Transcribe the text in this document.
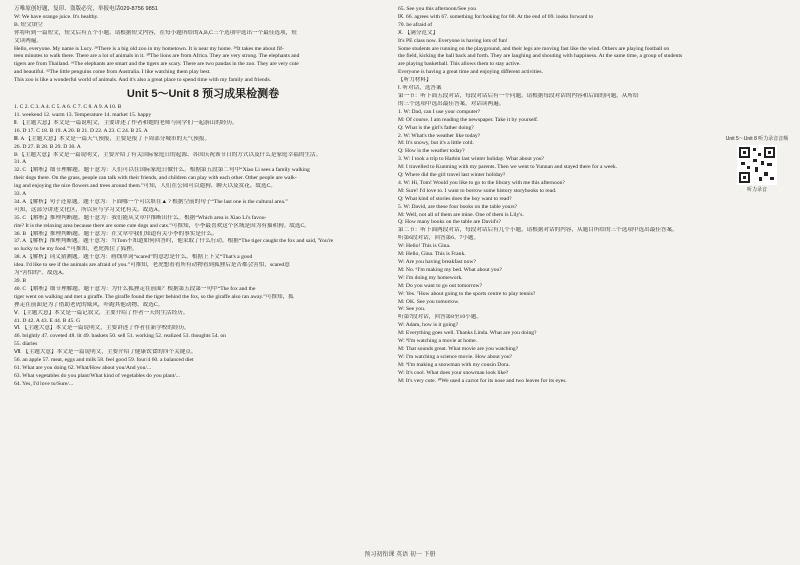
万唯原创好题，复印、盗版必究，举报电话029-8756 9851
W: We have orange juice. It's healthy.
B. 短文填空
你将听到一篇短文，短文后有五个小题。请根据短文内容，在每小题所给的A,B,C三个选项中选出一个最佳选项，短
文读两遍。
Hello, everyone. My name is Lucy. ²⁸There is a big old zoo in my hometown. It is near my home. ²⁹It takes me about fif-
teen minutes to walk there. There are a lot of animals in it. ³⁰The lions are from Africa. They are very strong. The elephants and
tigers are from Thailand. ³¹The elephants are smart and the tigers are scary. There are two pandas in the zoo. They are very cute
and beautiful. ³²The little penguins come from Australia. I like watching them play best.
This zoo is like a wonderful world of animals. And it's also a great place to spend time with my family and friends.
Unit 5～Unit 8 预习成果检测卷
1. C 2. C 3. A 4. C 5. A 6. C 7. C 8. A 9. A 10. B
11. weekend 12. warm 13. Temperature 14. market 15. happy
Ⅱ. 【主题大意】本文是一篇说明文，主要讲述了作者和她的老师与同学们一起游山的经历。
16. D 17. C 18. B 19. A 20. B 21. D 22. A 23. C 24. B 25. A
Ⅲ. A 【主题大意】本文是一篇天气预报，主要是报了下周部分城市的天气预报。
26. D 27. B 28. B 29. D 30. A
B 【主题大意】本文是一篇说明文，主要介绍了有关国际家庭日的起源、各国庆祝该节日的方式以及什么是家庭幸福的生活。
31. A
32. C 【解析】细节理解题。题干意为：人们可以在国际家庭日做什么。根据第五段第二句中“Xiao Li sees a family walking
their dogs there. On the grass, people can talk with their friends, and children can play with each other. Other people are walk-
ing and enjoying the nice flowers and trees around them.”可知，人们在公园可以遛狗、聊天以及赏花。故选C。
33. A
34. A 【解析】句子还原题。题干意为：下面哪一个可以填在▲ ? 根据空前的句子“The last one is the cultural area.”
可知，这部分讲述文化区，所以应与学习文化有关。故选A。
35. C 【解析】推理判断题。题干意为：我们能从文章中推断出什么。根据“Which area is Xiao Li's favou-
rite? It is the relaxing area because there are some cute dogs and cats.”可推知，小李最喜欢这个区域是因为有猫和狗。故选C。
36. B 【解析】推理判断题。题干意为：在文章中我们知道有关小李的事实是什么。
37. A 【解析】推理判断题。题干意为：当Tom不知道如何回答时，他采取了什么行动。根据“The tiger caught the fox and said, 'You're
so lucky to be my food.'”可推知，老虎抓住了狐狸。
38. A 【解析】词义猜测题。题干意为：画线单词“scared”的意思是什么。根据上下文“That's a good
idea. I'd like to see if the animals are afraid of you.”可推知，老虎想看看所有动物看到狐狸后是否都会害怕，scared意
为“害怕的”。故选A。
39. B
40. C 【解析】细节理解题。题干意为：为什么狐狸走在前面？根据第五段第一句中“The fox and the
tiger went on walking and met a giraffe. The giraffe found the tiger behind the fox, so the giraffe also ran away.”可推知，狐
狸走在前面是为了借助老虎的威风，吓跑其他动物。故选C。
Ⅴ. 【主题大意】本文是一篇记叙文，主要介绍了作者一天的生活经历。
41. D 42. A 43. E 44. B 45. G
Ⅵ. 【主题大意】本文是一篇说明文，主要讲述了作者在新学校的经历。
46. brightly 47. coveted 48. lit 49. baskets 50. sell 51. working 52. realized 53. thoughts 54. on
55. diaries
Ⅶ. 【主题大意】本文是一篇说明文，主要介绍了健康饮食的四个关键点。
56. an apple 57. meat, eggs and milk 58. feel good 59. four/4 60. a balanced diet
61. What are you doing 62. What/How about you/And you/...
63. What vegetables do you plant/What kind of vegetables do you plant/...
64. Yes, I'd love to/Sure/...
65. See you this afternoon/See you
Ⅸ. 66. agrees with 67. something for/looking for 68. At the end of 69. looks forward to
70. be afraid of
Ⅹ. 【满分范文】
It's PE class now. Everyone is having lots of fun!
Some students are running on the playground, and their legs are moving fast like the wind. Others are playing football on
the field, kicking the ball back and forth. They are laughing and shouting with happiness. At the same time, a group of students
are playing basketball. This allows them to stay active.
Everyone is having a great time and enjoying different activities.
【听力材料】
Ⅰ. 听对话，选答案
第一节：听下面五段对话，每段对话后有一个问题。请根据每段对话的内容和后面的问题，从所给
的三个选项中选出最佳答案。对话读两遍。
1. W: Dad, can I use your computer?
M: Of course. I am reading the newspaper. Take it by yourself.
Q: What is the girl's father doing?
2. W: What's the weather like today?
M: It's snowy, but it's a little cold.
Q: How is the weather today?
3. W: I took a trip to Harbin last winter holiday. What about you?
M: I travelled to Kunming with my parents. Then we went to Yunnan and stayed there for a week.
Q: Where did the girl travel last winter holiday?
4. W: Hi, Tom! Would you like to go to the library with me this afternoon?
M: Sure! I'd love to. I want to borrow some history storybooks to read.
Q: What kind of stories does the boy want to read?
5. W: David, are these four books on the table yours?
M: Well, not all of them are mine. One of them is Lily's.
Q: How many books on the table are David's?
第二节：听下面两段对话，每段对话后有几个小题，请根据对话的内容，从题目所给的三个选项中选出最佳答案。
听第6段对话，回答第6、7小题。
W: Hello! This is Gina.
M: Hello, Gina. This is Frank.
W: Are you having breakfast now?
M: No. ⁶I'm making my bed. What about you?
W: I'm doing my homework.
M: Do you want to go out tomorrow?
W: Yes. ⁷How about going to the sports centre to play tennis?
M: OK. See you tomorrow.
W: See you.
听第7段对话，回答第8至10小题。
W: Adam, how is it going?
M: Everything goes well. Thanks Linda. What are you doing?
W: ⁸I'm watching a movie at home.
M: That sounds great. What movie are you watching?
W: I'm watching a science movie. How about you?
M: ⁹I'm making a snowman with my cousin Dora.
W: It's cool. What does your snowman look like?
M: It's very cute. ¹⁰We used a carrot for its nose and two leaves for its eyes.
Unit 5～Unit 8 听力录音音频
听力录音
预习初衔课 英语 初一 下册
